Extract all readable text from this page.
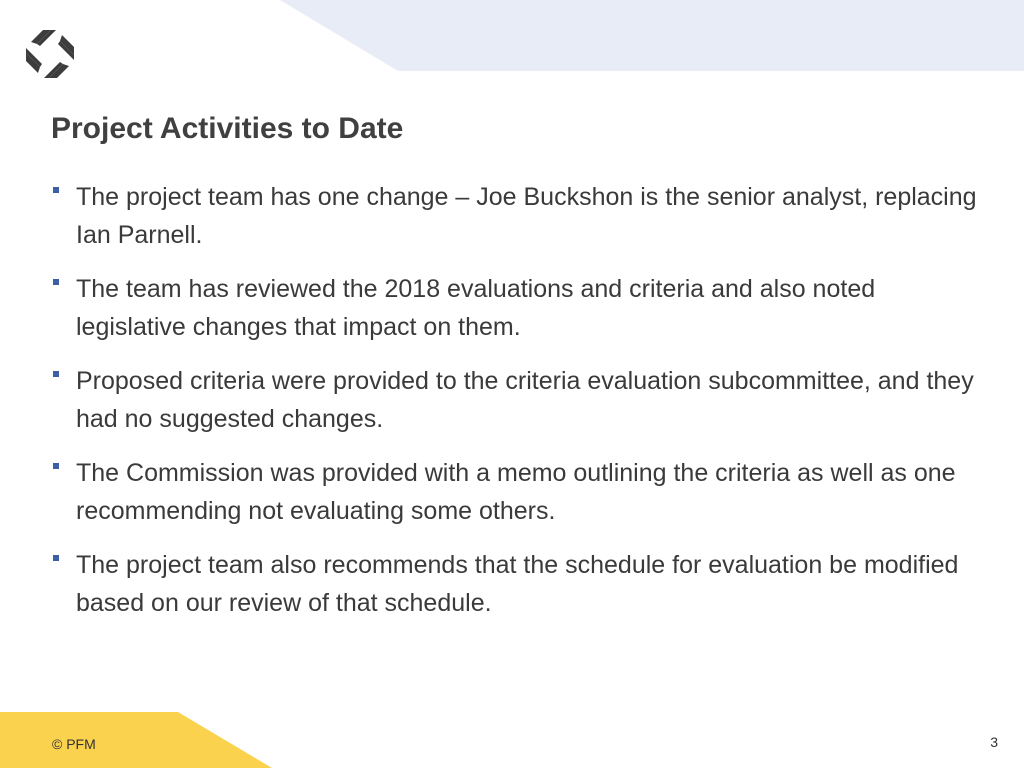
Project Activities to Date
The project team has one change – Joe Buckshon is the senior analyst, replacing Ian Parnell.
The team has reviewed the 2018 evaluations and criteria and also noted legislative changes that impact on them.
Proposed criteria were provided to the criteria evaluation subcommittee, and they had no suggested changes.
The Commission was provided with a memo outlining the criteria as well as one recommending not evaluating some others.
The project team also recommends that the schedule for evaluation be modified based on our review of that schedule.
© PFM	3
